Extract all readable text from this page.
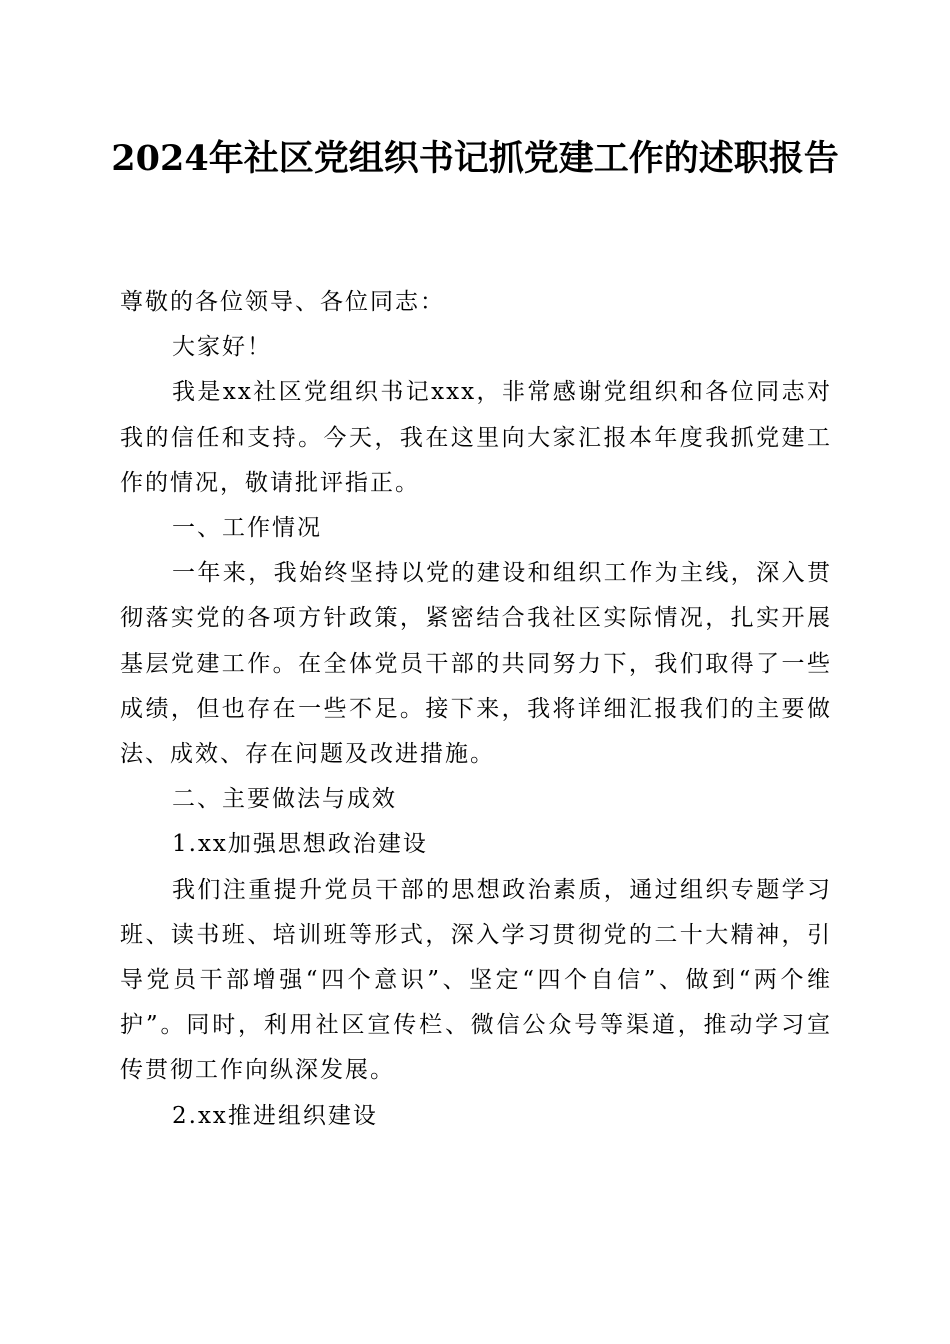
2024年社区党组织书记抓党建工作的述职报告

尊敬的各位领导、各位同志：

大家好！

我是xx社区党组织书记xxx，非常感谢党组织和各位同志对我的信任和支持。今天，我在这里向大家汇报本年度我抓党建工作的情况，敬请批评指正。

一、工作情况

一年来，我始终坚持以党的建设和组织工作为主线，深入贯彻落实党的各项方针政策，紧密结合我社区实际情况，扎实开展基层党建工作。在全体党员干部的共同努力下，我们取得了一些成绩，但也存在一些不足。接下来，我将详细汇报我们的主要做法、成效、存在问题及改进措施。

二、主要做法与成效

1.xx加强思想政治建设

我们注重提升党员干部的思想政治素质，通过组织专题学习班、读书班、培训班等形式，深入学习贯彻党的二十大精神，引导党员干部增强“四个意识”、坚定“四个自信”、做到“两个维护”。同时，利用社区宣传栏、微信公众号等渠道，推动学习宣传贯彻工作向纵深发展。

2.xx推进组织建设
